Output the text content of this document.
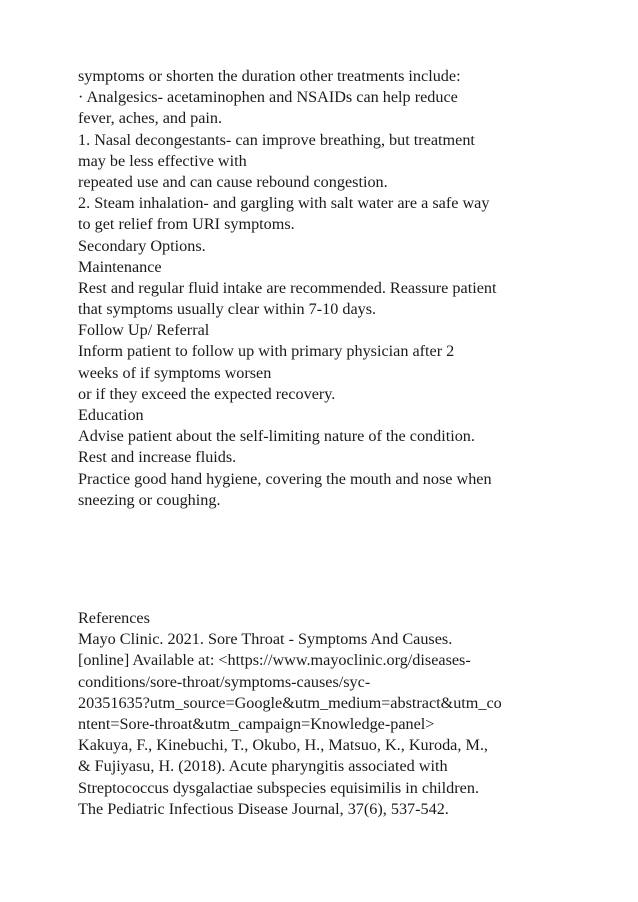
symptoms or shorten the duration other treatments include:
· Analgesics- acetaminophen and NSAIDs can help reduce
fever, aches, and pain.
1. Nasal decongestants- can improve breathing, but treatment
may be less effective with
repeated use and can cause rebound congestion.
2. Steam inhalation- and gargling with salt water are a safe way
to get relief from URI symptoms.
Secondary Options.
Maintenance
Rest and regular fluid intake are recommended. Reassure patient
that symptoms usually clear within 7-10 days.
Follow Up/ Referral
Inform patient to follow up with primary physician after 2
weeks of if symptoms worsen
or if they exceed the expected recovery.
Education
Advise patient about the self-limiting nature of the condition.
Rest and increase fluids.
Practice good hand hygiene, covering the mouth and nose when
sneezing or coughing.
References
Mayo Clinic. 2021. Sore Throat - Symptoms And Causes.
[online] Available at: <https://www.mayoclinic.org/diseases-
conditions/sore-throat/symptoms-causes/syc-
20351635?utm_source=Google&utm_medium=abstract&utm_co
ntent=Sore-throat&utm_campaign=Knowledge-panel>
Kakuya, F., Kinebuchi, T., Okubo, H., Matsuo, K., Kuroda, M.,
& Fujiyasu, H. (2018). Acute pharyngitis associated with
Streptococcus dysgalactiae subspecies equisimilis in children.
The Pediatric Infectious Disease Journal, 37(6), 537-542.
